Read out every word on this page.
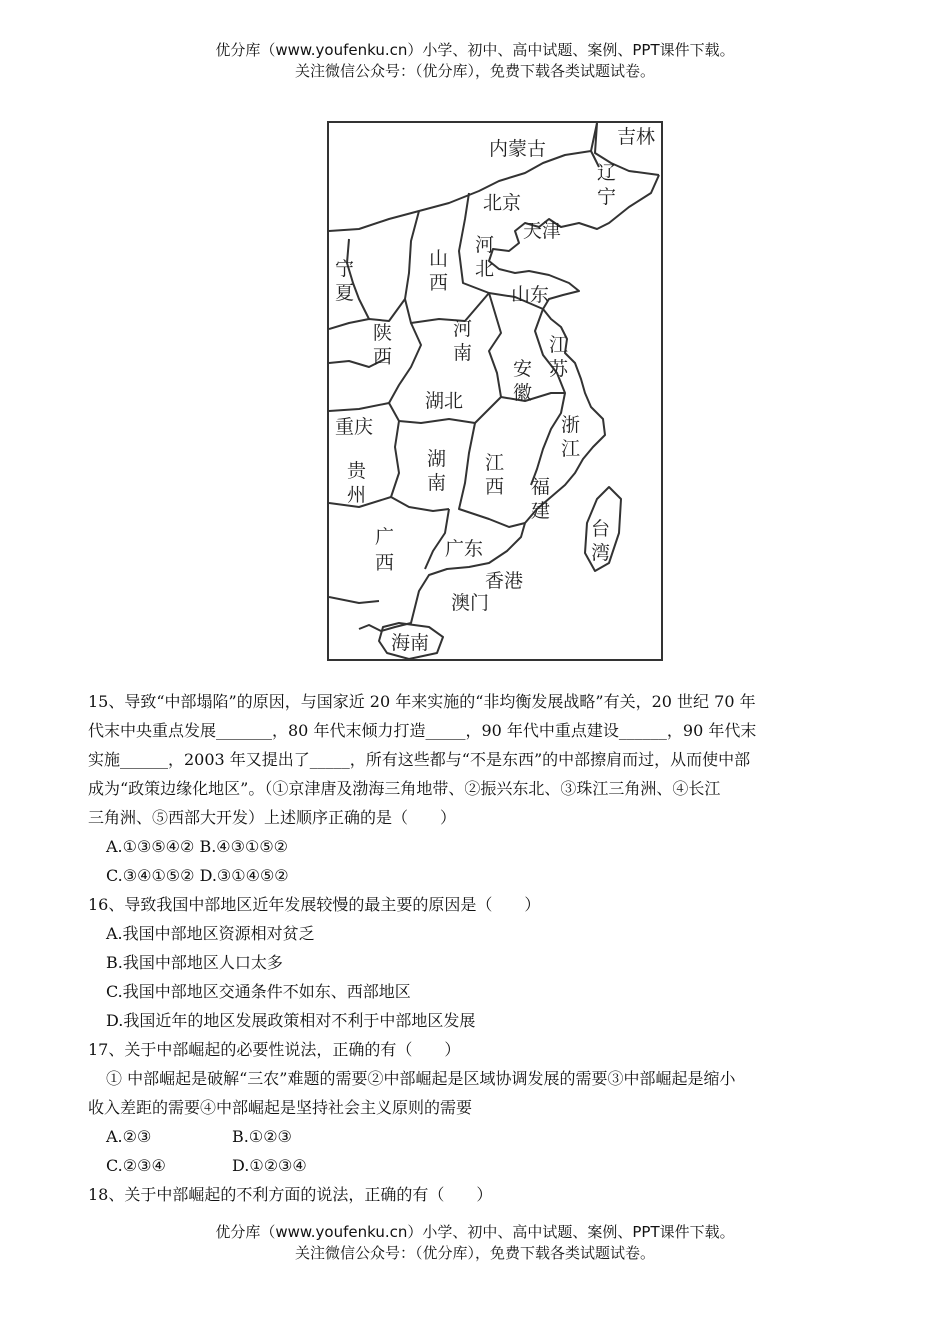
优分库（www.youfenku.cn）小学、初中、高中试题、案例、PPT课件下载。
关注微信公众号：（优分库），免费下载各类试题试卷。
内蒙古
吉林
辽
宁
北京
天津
河
北
山
西
宁
夏	山东
陕
西
河
南	江
苏
安
徽
湖北
浙
江
重庆
贵
州
湖
南
江
西 福
建
台
湾
广
西
广东
香港
澳门
海南

15、导致“中部塌陷”的原因，与国家近 20 年来实施的“非均衡发展战略”有关，20 世纪 70 年

代末中央重点发展_______，80 年代末倾力打造_____，90 年代中重点建设______，90 年代末

实施______，2003 年又提出了_____，所有这些都与“不是东西”的中部擦肩而过，从而使中部

成为“政策边缘化地区”。（①京津唐及渤海三角地带、②振兴东北、③珠江三角洲、④长江

三角洲、⑤西部大开发）上述顺序正确的是（　　）

A.①③⑤④② B.④③①⑤②

C.③④①⑤② D.③①④⑤②

16、导致我国中部地区近年发展较慢的最主要的原因是（　　）

A.我国中部地区资源相对贫乏

B.我国中部地区人口太多

C.我国中部地区交通条件不如东、西部地区

D.我国近年的地区发展政策相对不利于中部地区发展

17、关于中部崛起的必要性说法，正确的有（　　）

① 中部崛起是破解“三农”难题的需要②中部崛起是区域协调发展的需要③中部崛起是缩小

收入差距的需要④中部崛起是坚持社会主义原则的需要

A.②③	B.①②③

C.②③④	D.①②③④

18、关于中部崛起的不利方面的说法，正确的有（　　）

优分库（www.youfenku.cn）小学、初中、高中试题、案例、PPT课件下载。
关注微信公众号：（优分库），免费下载各类试题试卷。
